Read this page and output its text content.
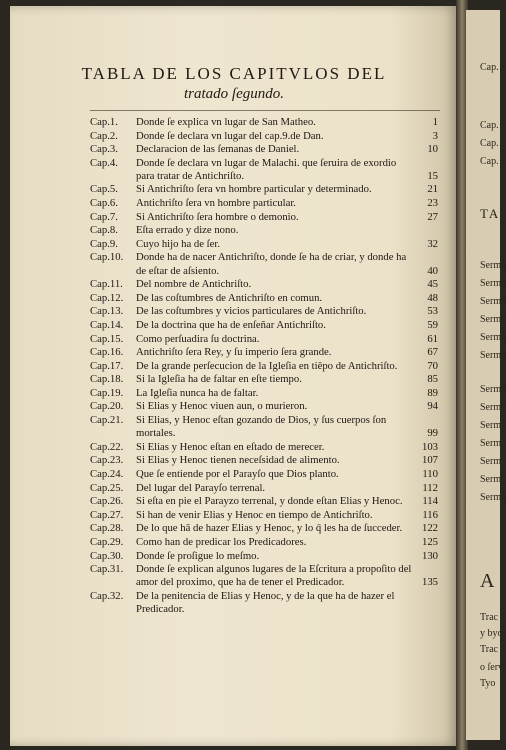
TABLA DE LOS CAPITVLOS DEL
tratado ſegundo.
Cap.1.	Donde ſe explica vn lugar de San Matheo.	1
Cap.2.	Donde ſe declara vn lugar del cap.9.de Dan.	3
Cap.3.	Declaracion de las ſemanas de Daniel.	10
Cap.4.	Donde ſe declara vn lugar de Malachi. que ſeruira de exordio para tratar de Antichriſto.	15
Cap.5.	Si Antichriſto ſera vn hombre particular y determinado.	21
Cap.6.	Antichriſto ſera vn hombre particular.	23
Cap.7.	Si Antichriſto ſera hombre o demonio.	27
Cap.8.	Eſta errado y dize nono.
Cap.9.	Cuyo hijo ha de ſer.	32
Cap.10.	Donde ha de nacer Antichriſto, donde ſe ha de criar, y donde ha de eſtar de aſsiento.	40
Cap.11.	Del nombre de Antichriſto.	45
Cap.12.	De las coſtumbres de Antichriſto en comun.	48
Cap.13.	De las coſtumbres y vicios particulares de Antichriſto.	53
Cap.14.	De la doctrina que ha de enſeñar Antichriſto.	59
Cap.15.	Como perſuadira ſu doctrina.	61
Cap.16.	Antichriſto ſera Rey, y ſu imperio ſera grande.	67
Cap.17.	De la grande perſecucion de la Igleſia en tiēpo de Antichriſto.	70
Cap.18.	Si la Igleſia ha de faltar en eſte tiempo.	85
Cap.19.	La Igleſia nunca ha de faltar.	89
Cap.20.	Si Elias y Henoc viuen aun, o murieron.	94
Cap.21.	Si Elias, y Henoc eſtan gozando de Dios, y ſus cuerpos ſon mortales.	99
Cap.22.	Si Elias y Henoc eſtan en eſtado de merecer.	103
Cap.23.	Si Elias y Henoc tienen neceſsidad de alimento.	107
Cap.24.	Que ſe entiende por el Parayſo que Dios planto.	110
Cap.25.	Del lugar del Parayſo terrenal.	112
Cap.26.	Si eſta en pie el Parayzo terrenal, y donde eſtan Elias y Henoc.	114
Cap.27.	Si han de venir Elias y Henoc en tiempo de Antichriſto.	116
Cap.28.	De lo que hā de hazer Elias y Henoc, y lo q̄ les ha de ſucceder.	122
Cap.29.	Como han de predicar los Predicadores.	125
Cap.30.	Donde ſe proſigue lo meſmo.	130
Cap.31.	Donde ſe explican algunos lugares de la Eſcritura a propoſito del amor del proximo, que ha de tener el Predicador.	135
Cap.32.	De la penitencia de Elias y Henoc, y de la que ha de hazer el Predicador.
Cap.
Cap.
Cap.
Cap.
TA
Sermo
Sermo
Sermo
Sermo
Sermo
Sermo
Sermo
Sermo
Serm
Serm
Serm
Serm
Sermo
A
Trac
y byo
Trac
o ſerv
Tyo
